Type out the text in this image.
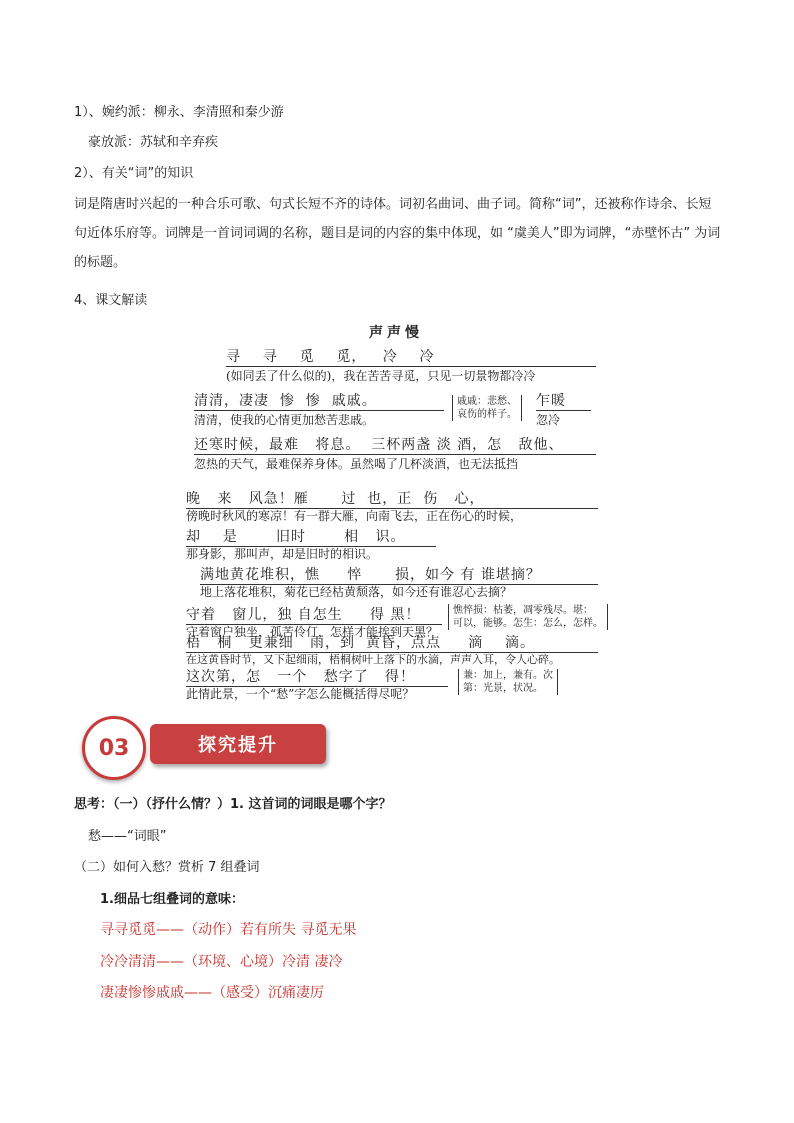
1）、婉约派：柳永、李清照和秦少游
豪放派：苏轼和辛弃疾
2）、有关“词”的知识
词是隋唐时兴起的一种合乐可歌、句式长短不齐的诗体。词初名曲词、曲子词。简称“词”，还被称作诗余、长短句近体乐府等。词牌是一首词词调的名称，题目是词的内容的集中体现，如 “虞美人”即为词牌，“赤壁怀古” 为词的标题。
4、课文解读
声声慢
寻    寻    觅    觅，   冷    冷
(如同丢了什么似的)，我在苦苦寻觅，只见一切景物都冷冷
清清，凄凄  惨  惨  戚戚。
清清，使我的心情更加愁苦悲戚。
戚戚：悲愁、
哀伤的样子。
乍暖
忽冷
还寒时候，最难   将息。  三杯两盏 淡 酒，怎   敌他、
忽热的天气，最难保养身体。虽然喝了几杯淡酒，也无法抵挡
晚   来   风急！雁      过  也，正  伤   心，
傍晚时秋风的寒凉！有一群大雁，向南飞去，正在伤心的时候，
却    是       旧时       相   识。
那身影，那叫声，却是旧时的相识。
满地黄花堆积，憔     悴      损，如今 有 谁堪摘？
地上落花堆积，菊花已经枯黄颓落，如今还有谁忍心去摘？
守着   窗儿，独 自怎生     得 黑！
守着窗户独坐，孤苦伶仃，怎样才能挨到天黑？
憔悴损：枯萎，凋零残尽。堪：
可以，能够。怎生：怎么，怎样。
梧   桐   更兼细   雨，到  黄昏，点点     滴    滴。
在这黄昏时节，又下起细雨，梧桐树叶上落下的水滴，声声入耳，令人心碎。
这次第，怎   一个   愁字了   得！
此情此景，一个“愁”字怎么能概括得尽呢？
兼：加上，兼有。次
第：光景，状况。
03	探究提升
思考：（一）（抒什么情？）1. 这首词的词眼是哪个字？
愁——“词眼”
（二）如何入愁？赏析 7 组叠词
1.细品七组叠词的意味：
寻寻觅觅——（动作）若有所失 寻觅无果
冷冷清清——（环境、心境）冷清 凄冷
凄凄惨惨戚戚——（感受）沉痛凄厉
